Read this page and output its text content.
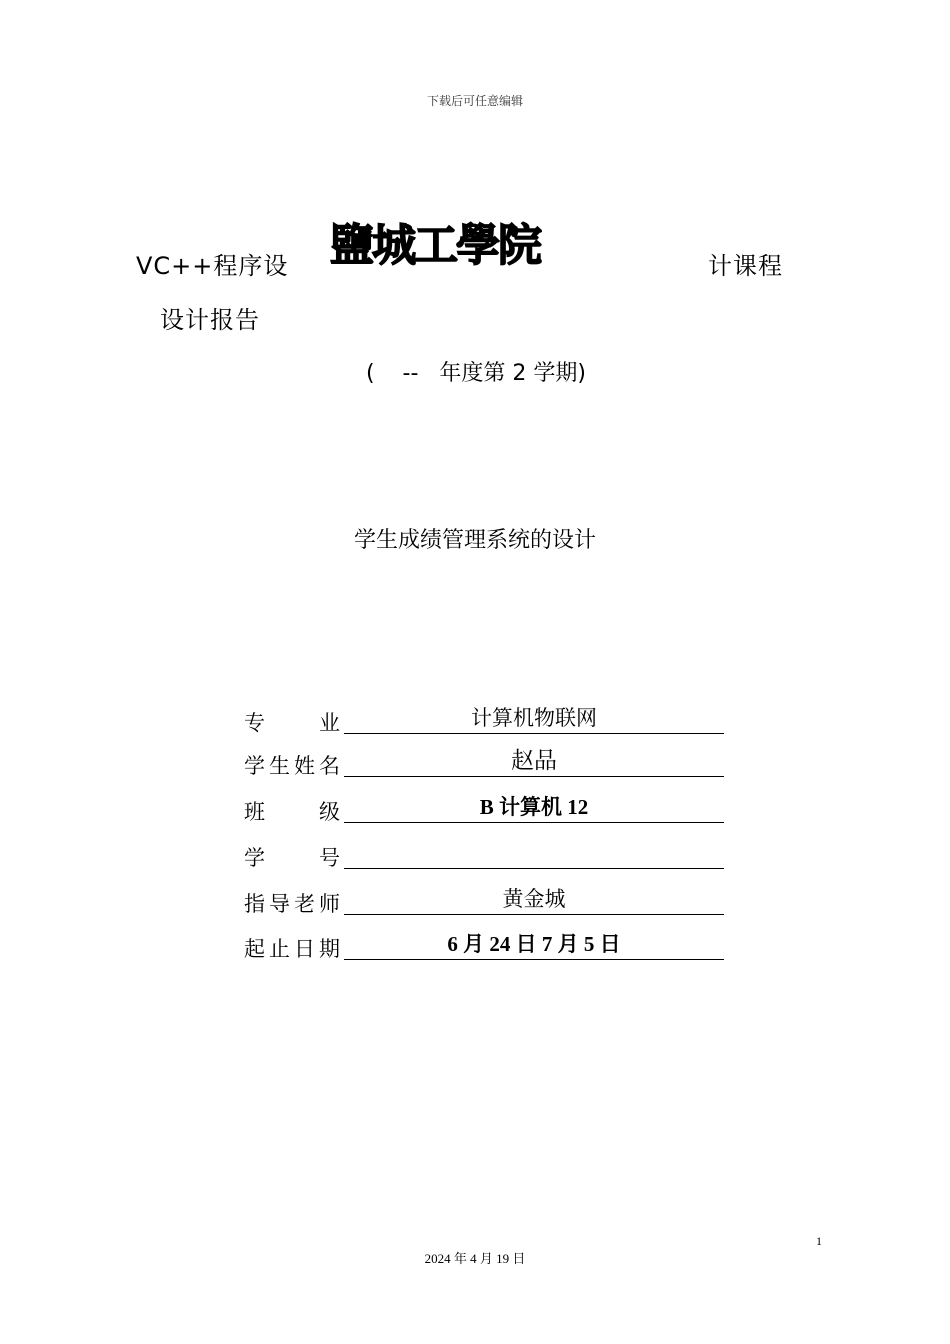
下载后可任意编辑
VC++程序设 鹽城工學院	计课程
设计报告
(    --   年度第 2 学期)
学生成绩管理系统的设计
专	业	计算机物联网
学 生 姓 名	赵品
班	级	B 计算机 12
学	号
指 导 老 师	黄金城
起 止 日 期	6 月 24 日 7 月 5 日
1
2024 年 4 月 19 日
